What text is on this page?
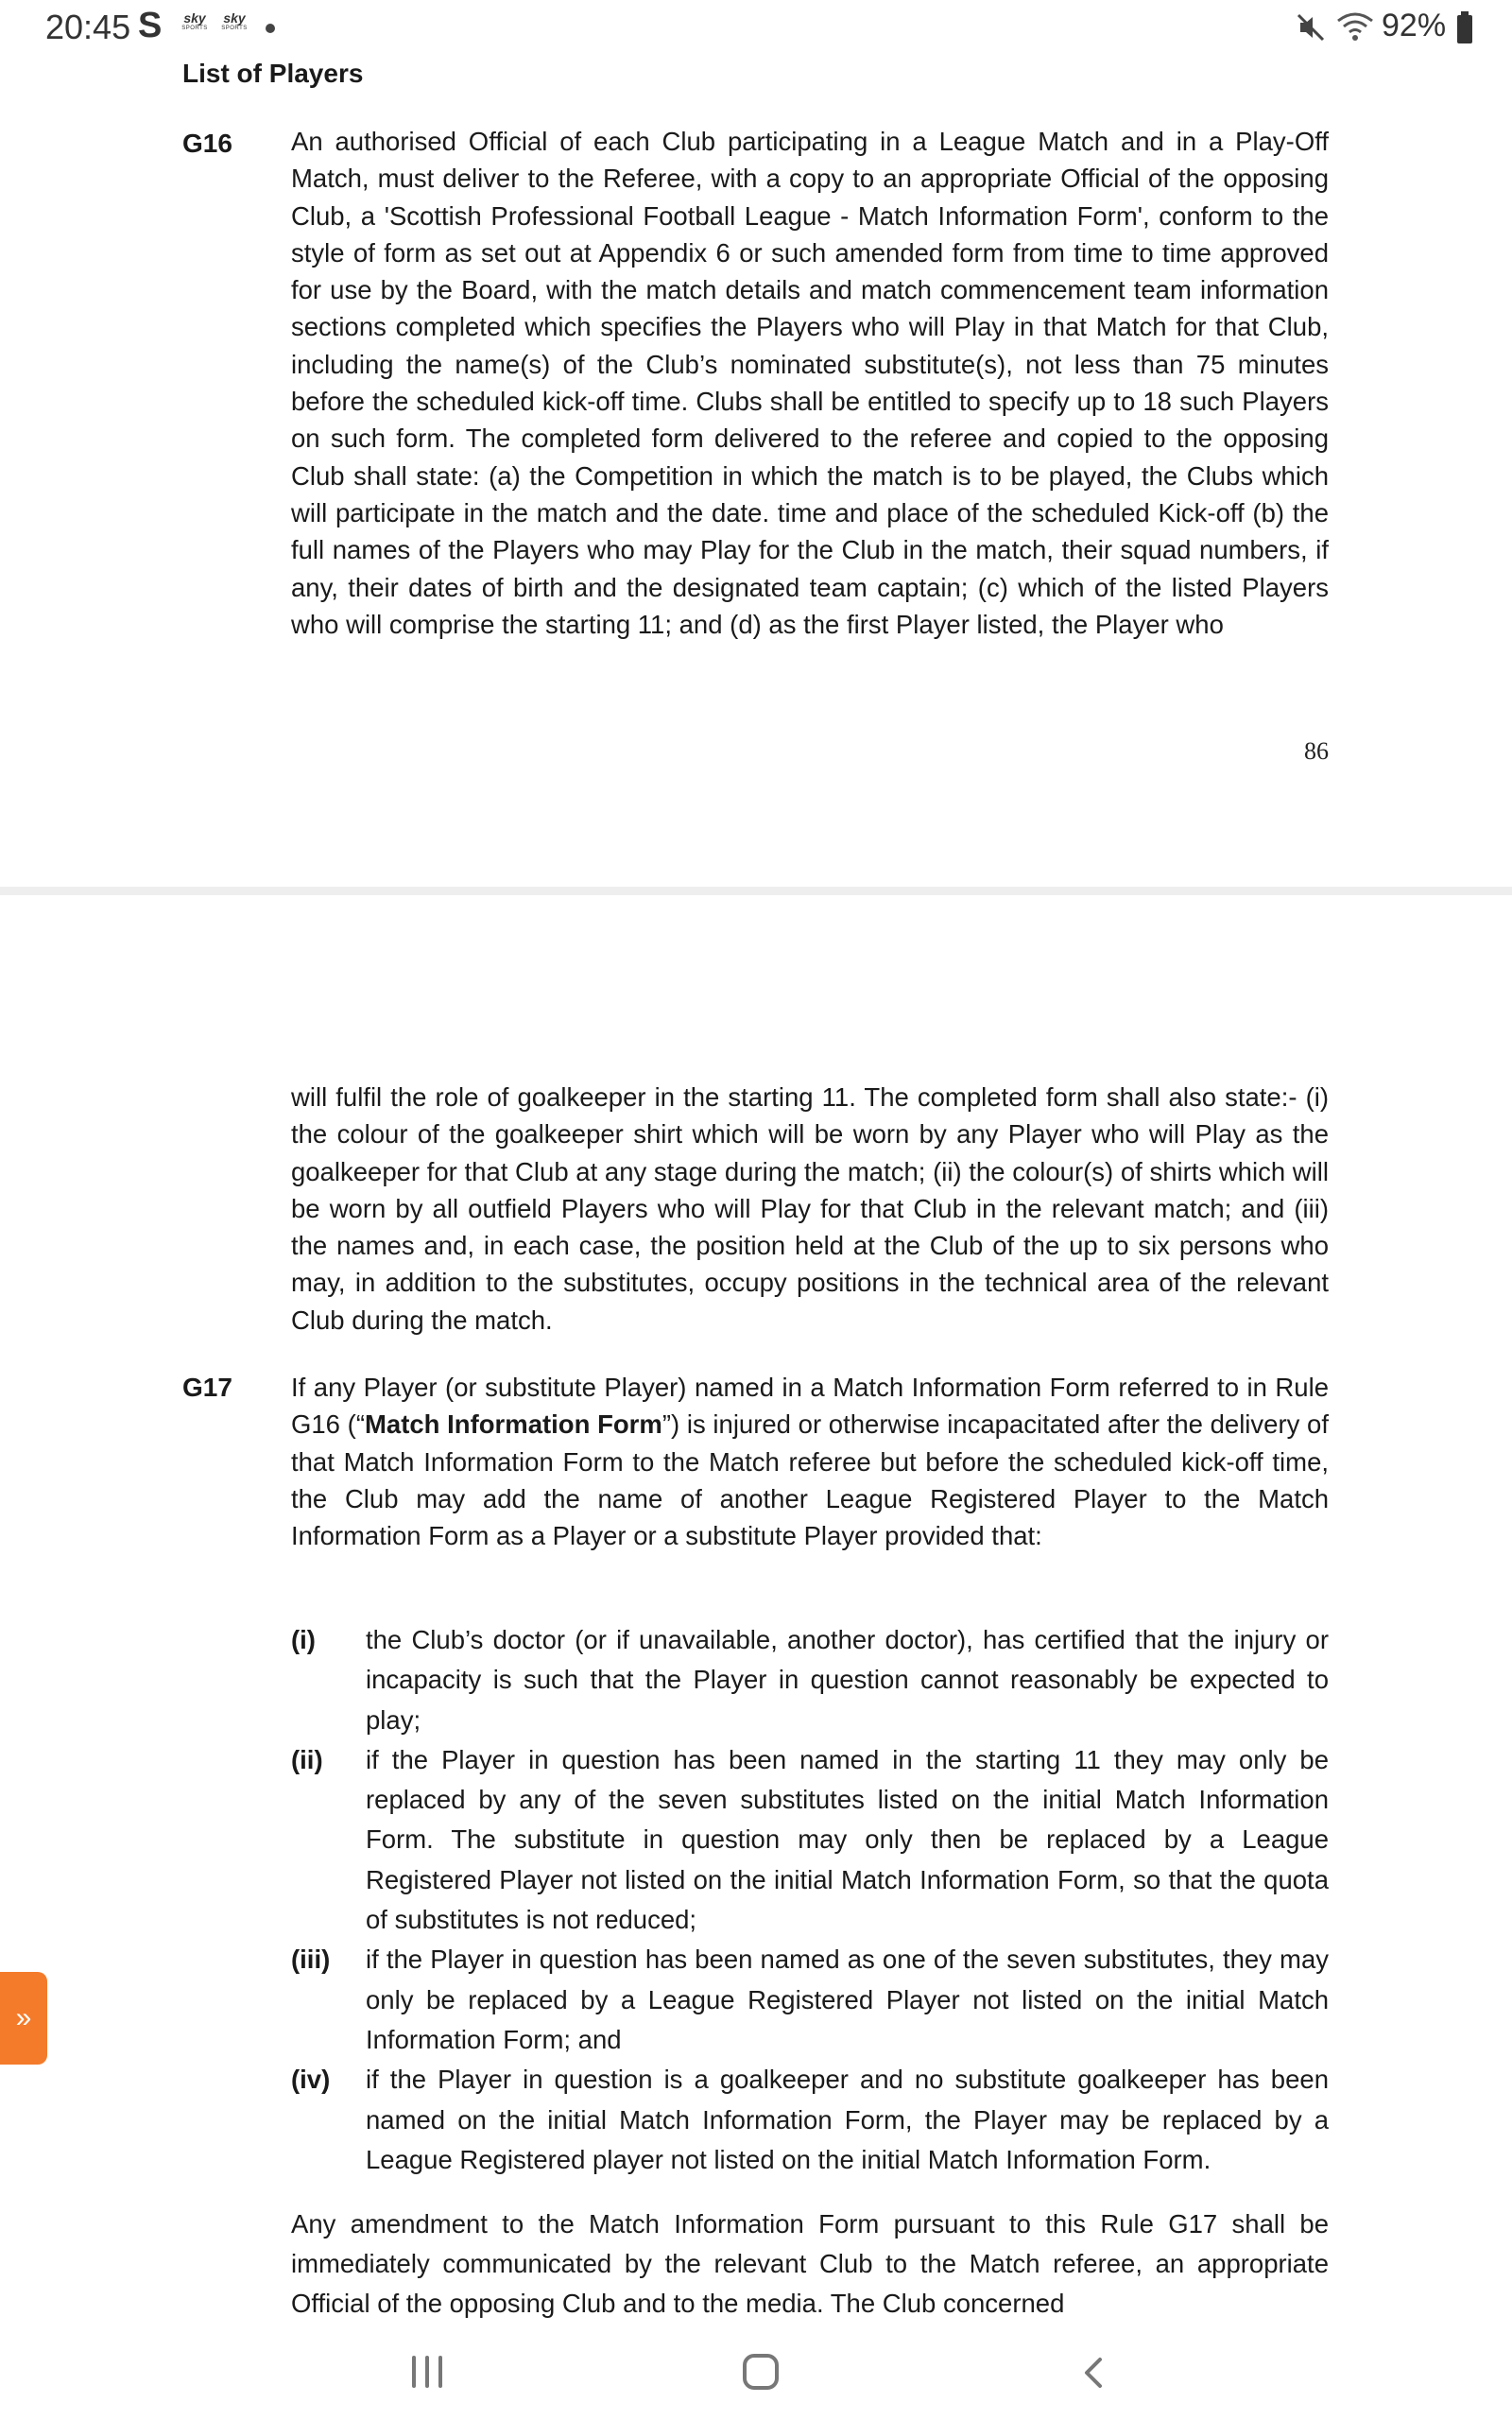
20:45 S	sky
SPORTS
sky
SPORTS	92%
List of Players
G16 An authorised Official of each Club participating in a League Match and in a Play-Off Match, must deliver to the Referee, with a copy to an appropriate Official of the opposing Club, a 'Scottish Professional Football League - Match Information Form', conform to the style of form as set out at Appendix 6 or such amended form from time to time approved for use by the Board, with the match details and match commencement team information sections completed which specifies the Players who will Play in that Match for that Club, including the name(s) of the Club’s nominated substitute(s), not less than 75 minutes before the scheduled kick-off time. Clubs shall be entitled to specify up to 18 such Players on such form. The completed form delivered to the referee and copied to the opposing Club shall state: (a) the Competition in which the match is to be played, the Clubs which will participate in the match and the date. time and place of the scheduled Kick-off (b) the full names of the Players who may Play for the Club in the match, their squad numbers, if any, their dates of birth and the designated team captain; (c) which of the listed Players who will comprise the starting 11; and (d) as the first Player listed, the Player who

86

will fulfil the role of goalkeeper in the starting 11. The completed form shall also state:- (i) the colour of the goalkeeper shirt which will be worn by any Player who will Play as the goalkeeper for that Club at any stage during the match; (ii) the colour(s) of shirts which will be worn by all outfield Players who will Play for that Club in the relevant match; and (iii) the names and, in each case, the position held at the Club of the up to six persons who may, in addition to the substitutes, occupy positions in the technical area of the relevant Club during the match.

G17 If any Player (or substitute Player) named in a Match Information Form referred to in Rule G16 (“Match Information Form”) is injured or otherwise incapacitated after the delivery of that Match Information Form to the Match referee but before the scheduled kick-off time, the Club may add the name of another League Registered Player to the Match Information Form as a Player or a substitute Player provided that:

(i) the Club’s doctor (or if unavailable, another doctor), has certified that the injury or incapacity is such that the Player in question cannot reasonably be expected to play;
(ii) if the Player in question has been named in the starting 11 they may only be replaced by any of the seven substitutes listed on the initial Match Information Form. The substitute in question may only then be replaced by a League Registered Player not listed on the initial Match Information Form, so that the quota of substitutes is not reduced;
(iii) if the Player in question has been named as one of the seven substitutes, they may only be replaced by a League Registered Player not listed on the initial Match Information Form; and
(iv) if the Player in question is a goalkeeper and no substitute goalkeeper has been named on the initial Match Information Form, the Player may be replaced by a League Registered player not listed on the initial Match Information Form.

Any amendment to the Match Information Form pursuant to this Rule G17 shall be immediately communicated by the relevant Club to the Match referee, an appropriate Official of the opposing Club and to the media. The Club concerned

»
